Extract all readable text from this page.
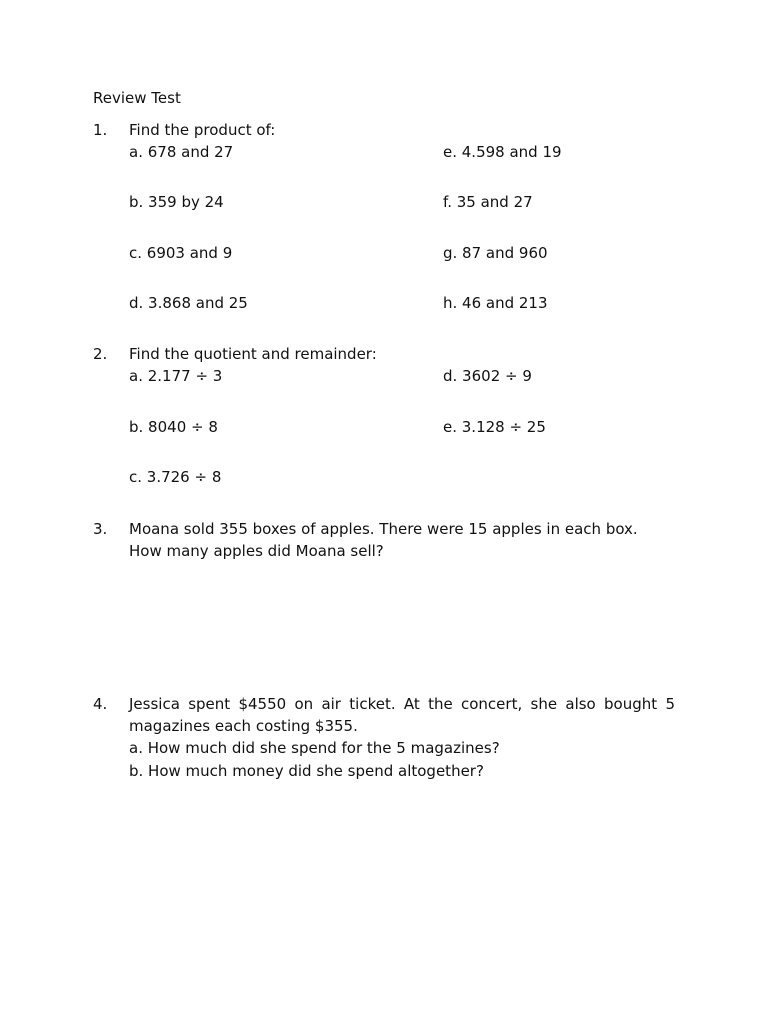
Review Test
1. Find the product of:
a. 678 and 27
b. 359 by 24
c. 6903 and 9
d. 3.868 and 25
e. 4.598 and 19
f. 35 and 27
g. 87 and 960
h. 46 and 213
2. Find the quotient and remainder:
a. 2.177 ÷ 3
b. 8040 ÷ 8
c. 3.726 ÷ 8
d. 3602 ÷ 9
e. 3.128 ÷ 25
3. Moana sold 355 boxes of apples. There were 15 apples in each box. How many apples did Moana sell?
4. Jessica spent $4550 on air ticket. At the concert, she also bought 5 magazines each costing $355.
a. How much did she spend for the 5 magazines?
b. How much money did she spend altogether?
